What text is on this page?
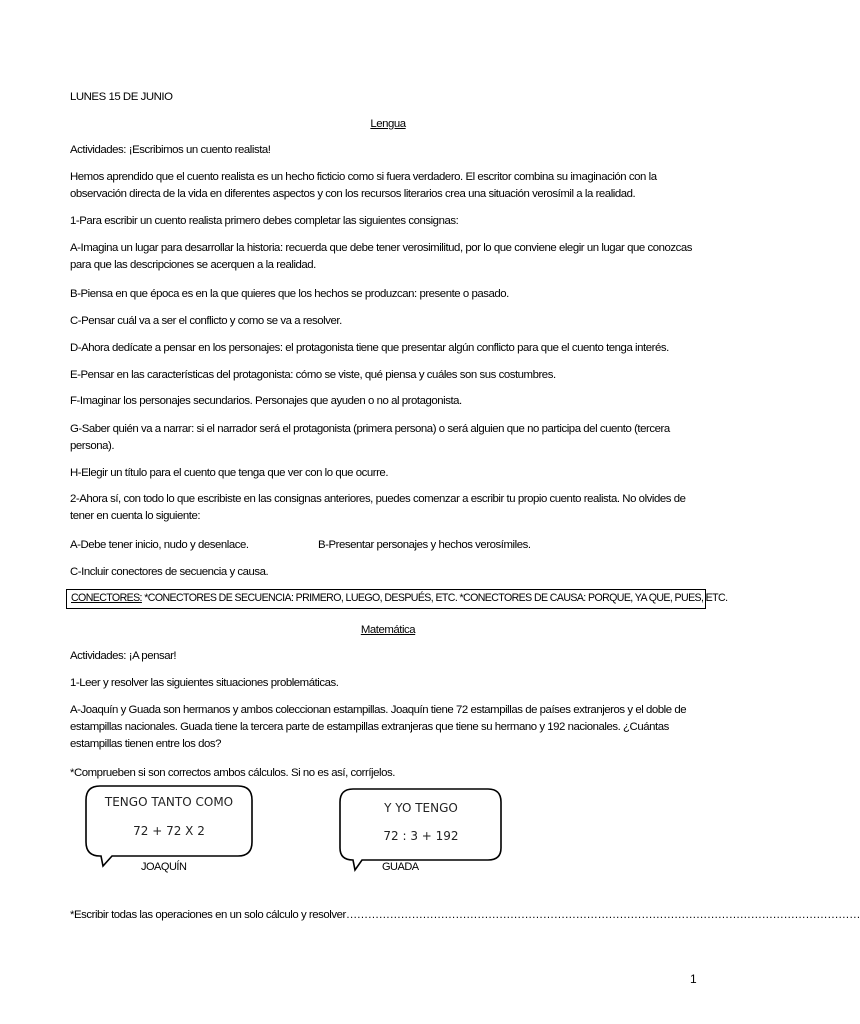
LUNES 15 DE JUNIO
Lengua
Actividades: ¡Escribimos un cuento realista!
Hemos aprendido que el cuento realista es un hecho ficticio como si fuera verdadero. El escritor combina su imaginación con la observación directa de la vida en diferentes aspectos y con los recursos literarios crea una situación verosímil a la realidad.
1-Para escribir un cuento realista primero debes completar las siguientes consignas:
A-Imagina un lugar para desarrollar la historia: recuerda que debe tener verosimilitud, por lo que conviene elegir un lugar que conozcas para que las descripciones se acerquen a la realidad.
B-Piensa en que época es en la que quieres que los hechos se produzcan: presente o pasado.
C-Pensar cuál va a ser el conflicto y como se va a resolver.
D-Ahora dedícate a pensar en los personajes: el protagonista tiene que presentar algún conflicto para que el cuento tenga interés.
E-Pensar en las características del protagonista: cómo se viste, qué piensa y cuáles son sus costumbres.
F-Imaginar los personajes secundarios. Personajes que ayuden o no al protagonista.
G-Saber quién va a narrar: si el narrador será el protagonista (primera persona) o será alguien que no participa del cuento (tercera persona).
H-Elegir un título para el cuento que tenga que ver con lo que ocurre.
2-Ahora sí, con todo lo que escribiste en las consignas anteriores, puedes comenzar a escribir tu propio cuento realista. No olvides de tener en cuenta lo siguiente:
A-Debe tener inicio, nudo y desenlace.	B-Presentar personajes y hechos verosímiles.
C-Incluir conectores de secuencia y causa.
CONECTORES: *CONECTORES DE SECUENCIA: PRIMERO, LUEGO, DESPUÉS, ETC. *CONECTORES DE CAUSA: PORQUE, YA QUE, PUES, ETC.
Matemática
Actividades: ¡A pensar!
1-Leer y resolver las siguientes situaciones problemáticas.
A-Joaquín y Guada son hermanos y ambos coleccionan estampillas. Joaquín tiene 72 estampillas de países extranjeros y el doble de estampillas nacionales. Guada tiene la tercera parte de estampillas extranjeras que tiene su hermano y 192 nacionales. ¿Cuántas estampillas tienen entre los dos?
*Comprueben si son correctos ambos cálculos. Si no es así, corríjelos.
TENGO TANTO COMO
72 + 72 X 2
Y YO TENGO
72 : 3 + 192
JOAQUÍN	GUADA
*Escribir todas las operaciones en un solo cálculo y resolver……………………………………………………………………………………………………………………………
1
